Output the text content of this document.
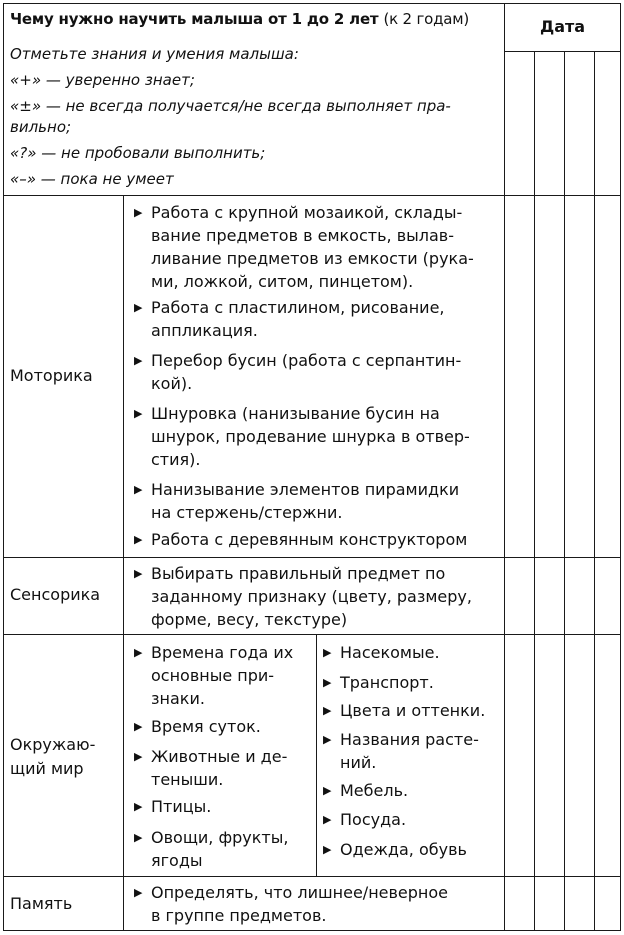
Чему нужно научить малыша от 1 до 2 лет (к 2 годам)	Дата
Отметьте знания и умения малыша:
«+» — уверенно знает;
«±» — не всегда получается/не всегда выполняет пра-
вильно;
«?» — не пробовали выполнить;
«–» — пока не умеет
Моторика
Сенсорика
Окружаю-
щий мир
Память
▶ Работа с крупной мозаикой, склады-
вание предметов в емкость, вылав-
ливание предметов из емкости (рука-
ми, ложкой, ситом, пинцетом).
▶ Работа с пластилином, рисование,
аппликация.
▶ Перебор бусин (работа с серпантин-
кой).
▶ Шнуровка (нанизывание бусин на
шнурок, продевание шнурка в отвер-
стия).
▶ Нанизывание элементов пирамидки
на стержень/стержни.
▶ Работа с деревянным конструктором
▶ Выбирать правильный предмет по
заданному признаку (цвету, размеру,
форме, весу, текстуре)
▶ Времена года их
основные при-
знаки.
▶ Время суток.
▶ Животные и де-
теныши.
▶ Птицы.
▶ Овощи, фрукты,
ягоды
▶ Насекомые.
▶ Транспорт.
▶ Цвета и оттенки.
▶ Названия расте-
ний.
▶ Мебель.
▶ Посуда.
▶ Одежда, обувь
▶ Определять, что лишнее/неверное
в группе предметов.
